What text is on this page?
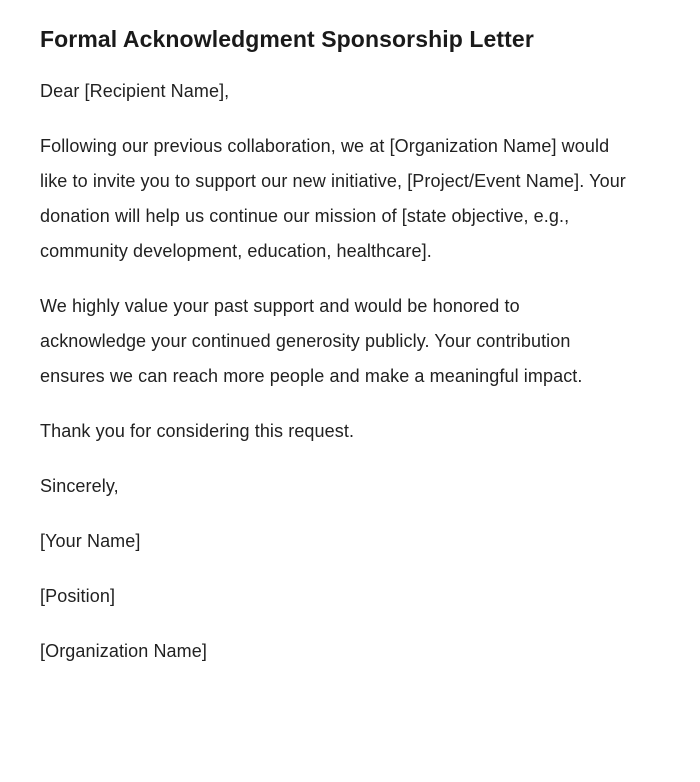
Formal Acknowledgment Sponsorship Letter

Dear [Recipient Name],

Following our previous collaboration, we at [Organization Name] would like to invite you to support our new initiative, [Project/Event Name]. Your donation will help us continue our mission of [state objective, e.g., community development, education, healthcare].

We highly value your past support and would be honored to acknowledge your continued generosity publicly. Your contribution ensures we can reach more people and make a meaningful impact.

Thank you for considering this request.

Sincerely,

[Your Name]

[Position]

[Organization Name]
